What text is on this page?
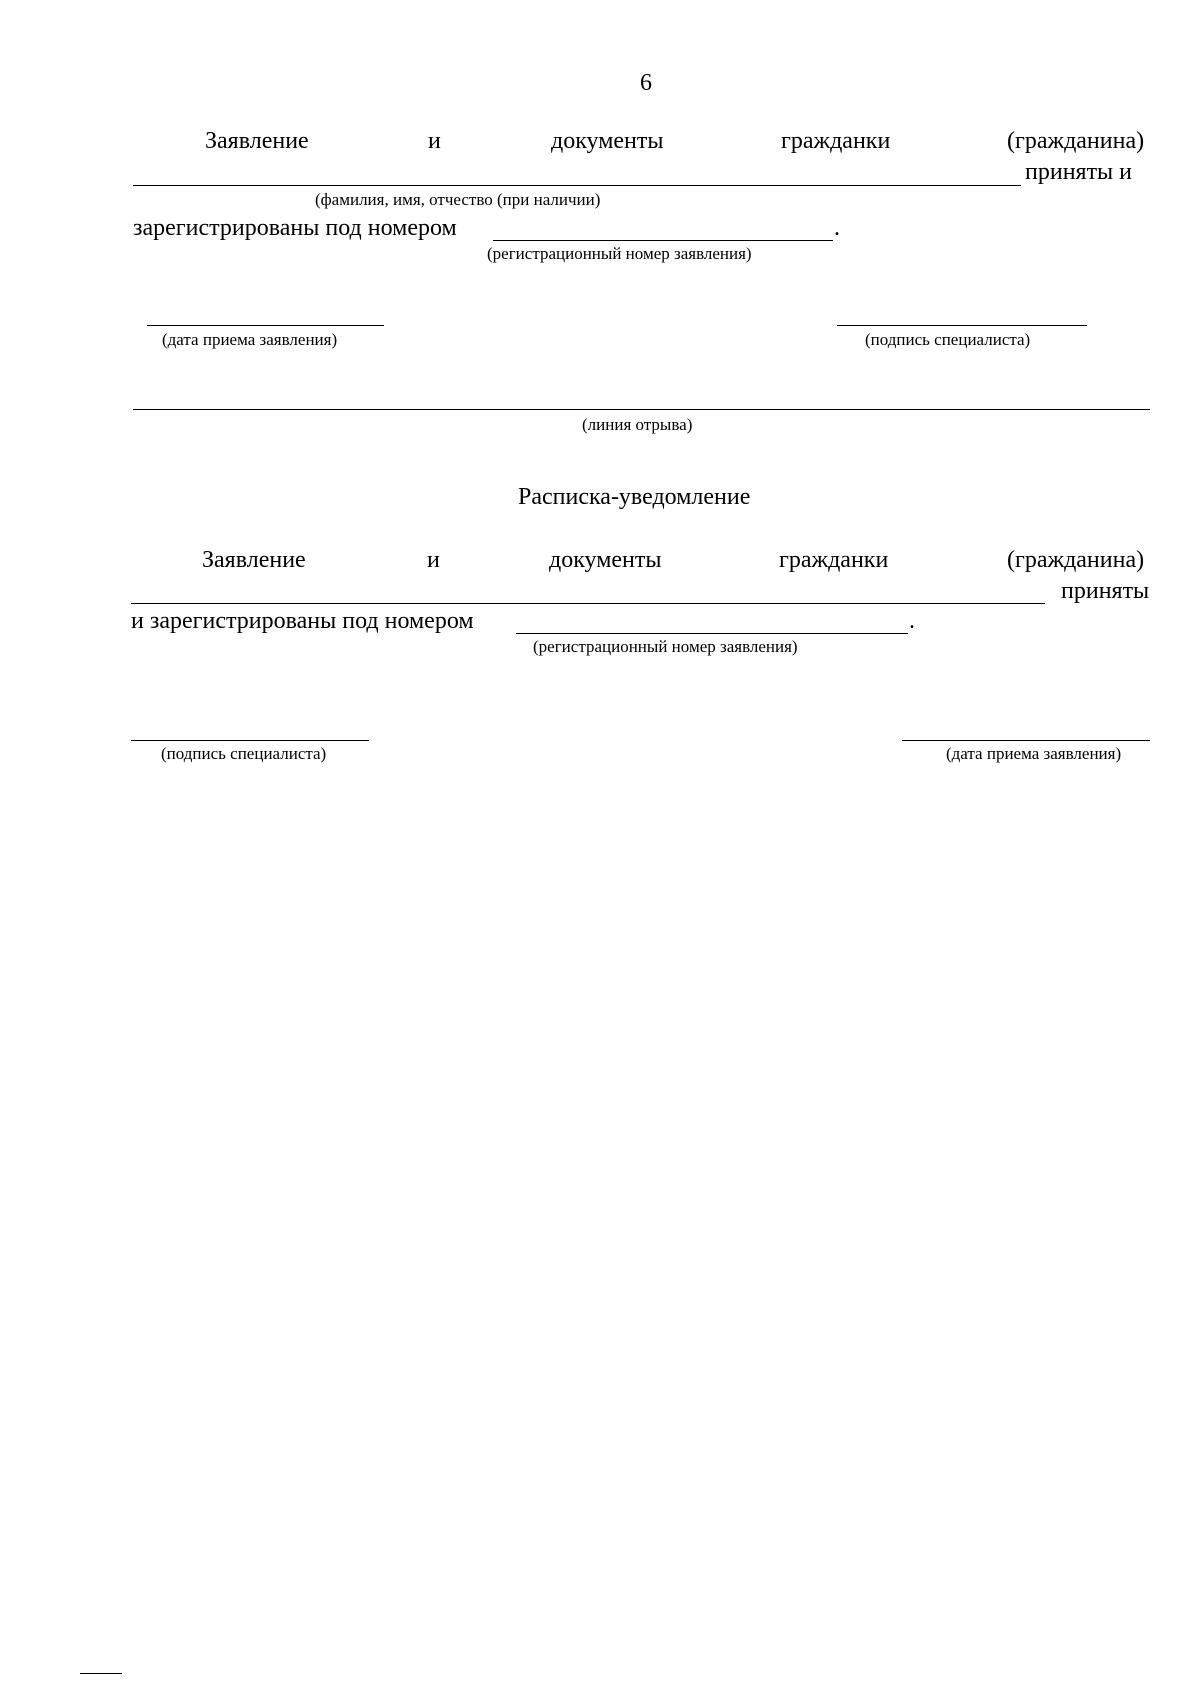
6
Заявление	и	документы	гражданки	(гражданина)
приняты и
(фамилия, имя, отчество (при наличии)
зарегистрированы под номером	.
(регистрационный номер заявления)
(дата приема заявления)	(подпись специалиста)
(линия отрыва)
Расписка-уведомление
Заявление	и	документы	гражданки	(гражданина)
приняты
и зарегистрированы под номером	.
(регистрационный номер заявления)
(подпись специалиста)	(дата приема заявления)
